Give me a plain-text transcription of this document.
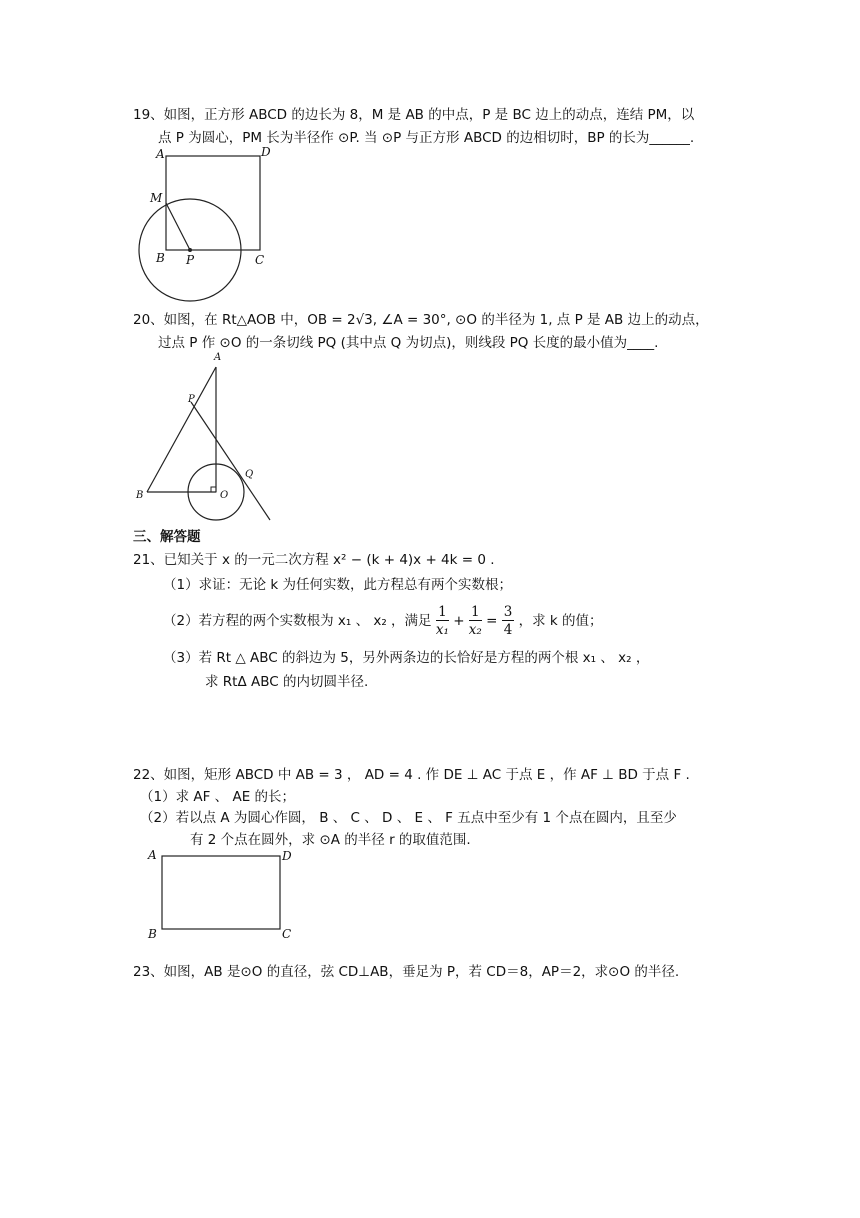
19、如图，正方形 ABCD 的边长为 8，M 是 AB 的中点，P 是 BC 边上的动点，连结 PM，以
点 P 为圆心，PM 长为半径作 ⊙P. 当 ⊙P 与正方形 ABCD 的边相切时，BP 的长为______.
A	D
M
B P	C
20、如图，在 Rt△AOB 中，OB = 2√3, ∠A = 30°, ⊙O 的半径为 1, 点 P 是 AB 边上的动点，
过点 P 作 ⊙O 的一条切线 PQ (其中点 Q 为切点)，则线段 PQ 长度的最小值为____.
A
P
Q
B	O
三、解答题
21、已知关于 x 的一元二次方程 x² − (k + 4)x + 4k = 0 .
（1）求证：无论 k 为任何实数，此方程总有两个实数根；
（2）若方程的两个实数根为 x₁ 、 x₂ ，满足 $\frac{1}{\text{x₁}} + \frac{1}{\text{x₂}} = \frac{3}{4}$ ，求 k 的值；
（3）若 Rt △ ABC 的斜边为 5，另外两条边的长恰好是方程的两个根 x₁ 、 x₂ ，
求 RtΔ ABC 的内切圆半径.
22、如图，矩形 ABCD 中 AB = 3 ， AD = 4 . 作 DE ⊥ AC 于点 E ，作 AF ⊥ BD 于点 F .
（1）求 AF 、 AE 的长；
（2）若以点 A 为圆心作圆， B 、 C 、 D 、 E 、 F 五点中至少有 1 个点在圆内，且至少
有 2 个点在圆外，求 ⊙A 的半径 r 的取值范围.
A	D
B	C
23、如图，AB 是⊙O 的直径，弦 CD⊥AB，垂足为 P，若 CD＝8，AP＝2，求⊙O 的半径.
